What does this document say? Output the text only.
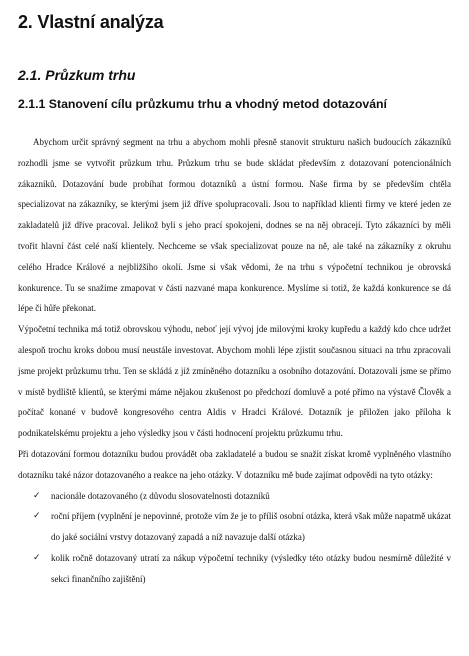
2. Vlastní analýza
2.1. Průzkum trhu
2.1.1 Stanovení cílu průzkumu trhu a vhodný metod dotazování

Abychom určit správný segment na trhu a abychom mohli přesně stanovit strukturu našich budoucích zákazníků rozhodli jsme se vytvořit průzkum trhu. Průzkum trhu se bude skládat především z dotazovaní potencionálních zákazníků. Dotazování bude probíhat formou dotazníků a ústní formou. Naše firma by se především chtěla specializovat na zákazníky, se kterými jsem již dříve spolupracovali. Jsou to například klienti firmy ve které jeden ze zakladatelů již dříve pracoval. Jelikož byli s jeho prací spokojeni, dodnes se na něj obracejí. Tyto zákazníci by měli tvořit hlavní část celé naší klientely. Nechceme se však specializovat pouze na ně, ale také na zákazníky z okruhu celého Hradce Králové a nejbližšího okolí. Jsme si však vědomi, že na trhu s výpočetní technikou je obrovská konkurence. Tu se snažíme zmapovat v části nazvané mapa konkurence. Myslíme si totiž, že každá konkurence se dá lépe či hůře překonat.

Výpočetní technika má totiž obrovskou výhodu, neboť její vývoj jde milovými kroky kupředu a každý kdo chce udržet alespoň trochu kroks dobou musí neustále investovat. Abychom mohli lépe zjistit současnou situaci na trhu zpracovali jsme projekt průzkumu trhu. Ten se skládá z již zmíněného dotazníku a osobního dotazování. Dotazovali jsme se přímo v místě bydliště klientů, se kterými máme nějakou zkušenost po předchozí domluvě a poté přímo na výstavě Člověk a počítač konané v budově kongresového centra Aldis v Hradci Králové. Dotazník je přiložen jako příloha k podnikatelskému projektu a jeho výsledky jsou v části hodnocení projektu průzkumu trhu.

Při dotazování formou dotazníku budou provádět oba zakladatelé a budou se snažit získat kromě vyplněného vlastního dotazníku také názor dotazovaného a reakce na jeho otázky. V dotazníku mě bude zajímat odpovědi na tyto otázky:

✓ nacionále dotazovaného (z důvodu slosovatelnosti dotazníků
✓ roční příjem (vyplnění je nepovinné, protože vím že je to příliš osobní otázka, která však může napatmě ukázat do jaké sociální vrstvy dotazovaný zapadá a níž navazuje další otázka)
✓ kolik ročně dotazovaný utratí za nákup výpočetní techniky (výsledky této otázky budou nesmírně důležité v sekci finančního zajištění)
